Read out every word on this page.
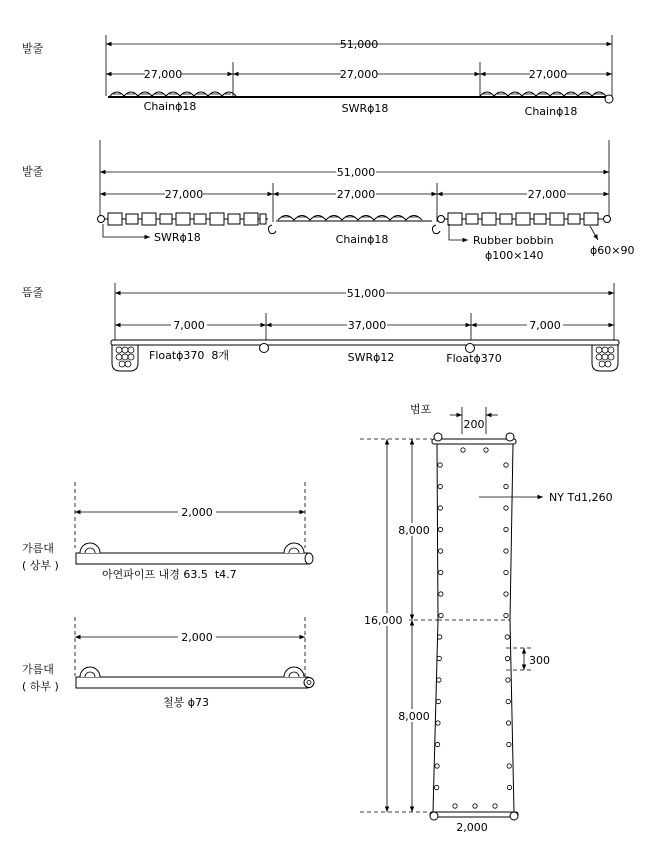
발줄	51,000
27,000	27,000	27,000
Chainϕ18	SWRϕ18	Chainϕ18
발줄	51,000
27,000	27,000	27,000
SWRϕ18	Chainϕ18	Rubber bobbin
ϕ100×140	ϕ60×90
뜸줄	51,000
7,000	37,000	7,000
Floatϕ370  8개	SWRϕ12	Floatϕ370
2,000
가름대
( 상부 )
아연파이프 내경 63.5  t4.7
2,000
가름대
( 하부 )
철봉 ϕ73
범포
200
NY Td1,260
16,000
8,000
8,000
300
2,000
